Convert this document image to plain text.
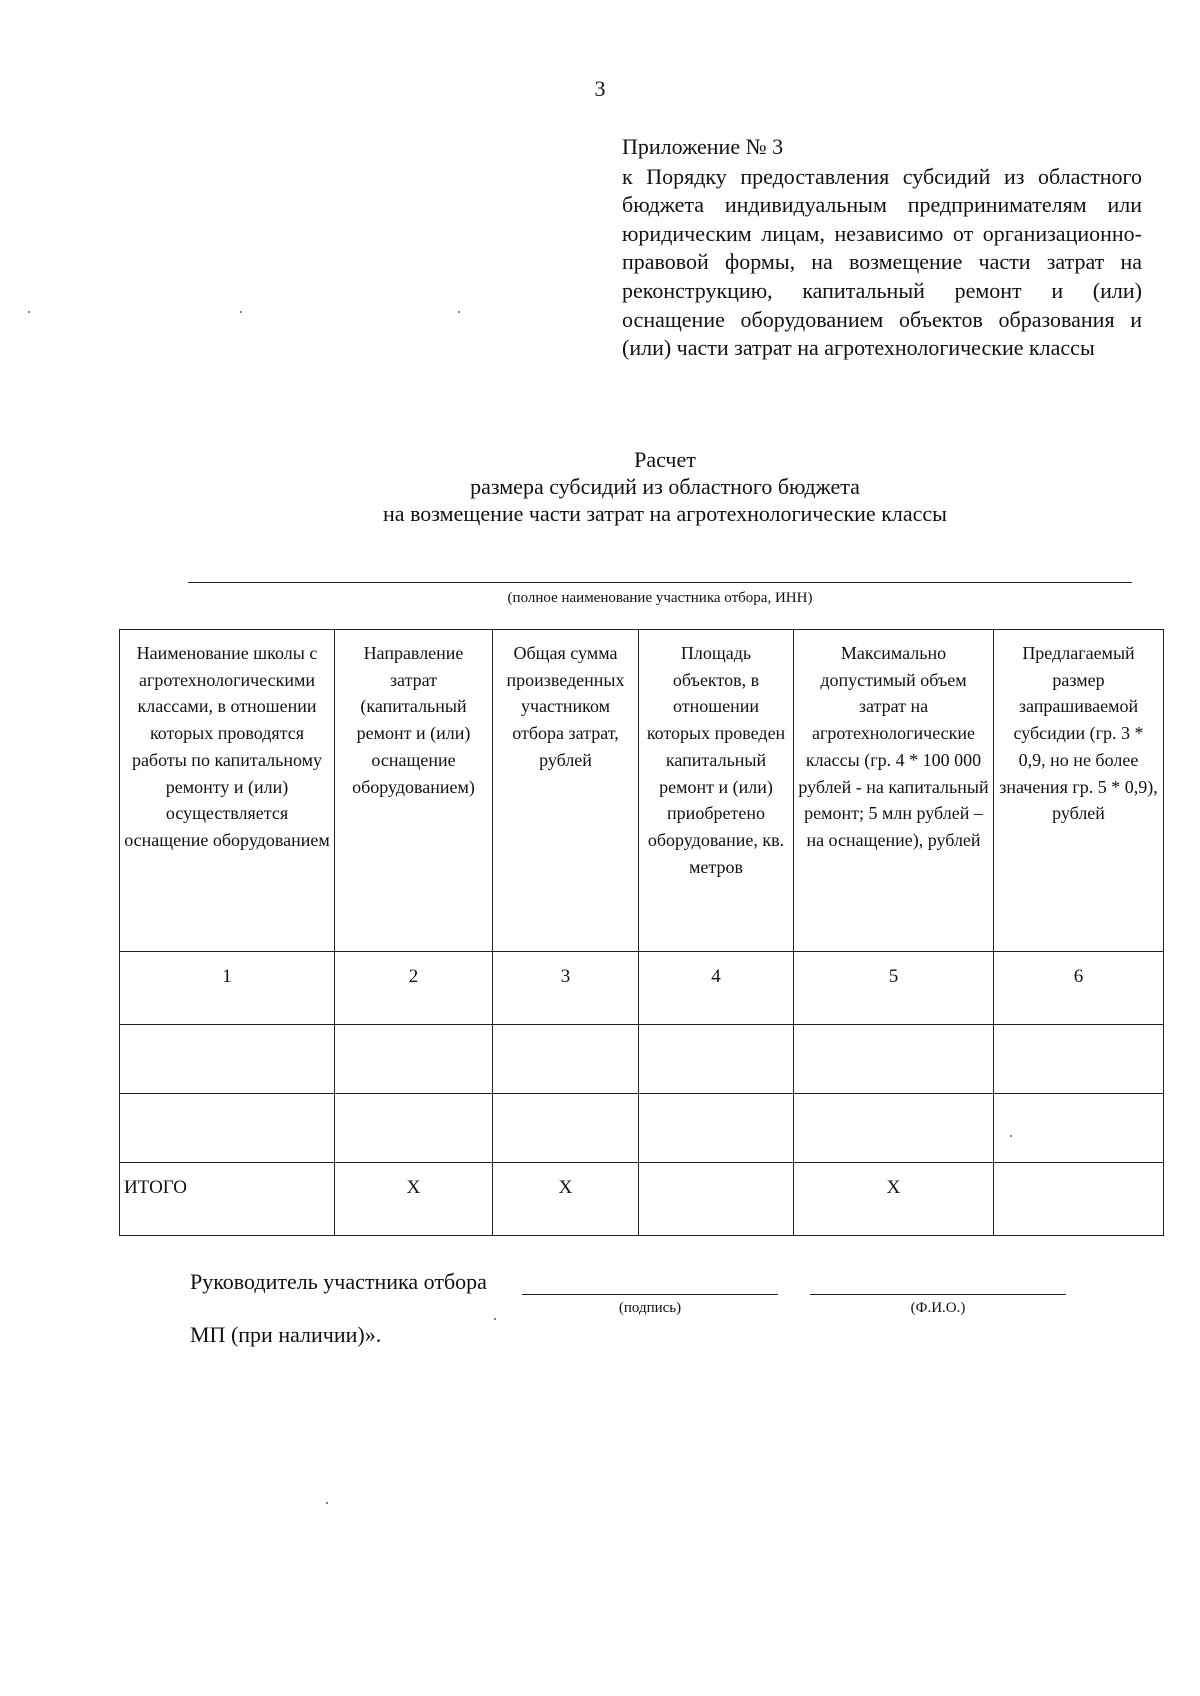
3
Приложение № 3
к Порядку предоставления субсидий из областного бюджета индивидуальным предпринимателям или юридическим лицам, независимо от организационно-правовой формы, на возмещение части затрат на реконструкцию, капитальный ремонт и (или) оснащение оборудованием объектов образования и (или) части затрат на агротехнологические классы
Расчет
размера субсидий из областного бюджета
на возмещение части затрат на агротехнологические классы
(полное наименование участника отбора, ИНН)
Наименование школы с агротехнологическими классами, в отношении которых проводятся работы по капитальному ремонту и (или) осуществляется оснащение оборудованием	Направление затрат (капитальный ремонт и (или) оснащение оборудованием)	Общая сумма произведенных участником отбора затрат, рублей	Площадь объектов, в отношении которых проведен капитальный ремонт и (или) приобретено оборудование, кв. метров	Максимально допустимый объем затрат на агротехнологические классы (гр. 4 * 100 000 рублей - на капитальный ремонт; 5 млн рублей – на оснащение), рублей	Предлагаемый размер запрашиваемой субсидии (гр. 3 * 0,9, но не более значения гр. 5 * 0,9), рублей
1	2	3	4	5	6

ИТОГО	X	X		X	
Руководитель участника отбора
(подпись)	(Ф.И.О.)
МП (при наличии)».
